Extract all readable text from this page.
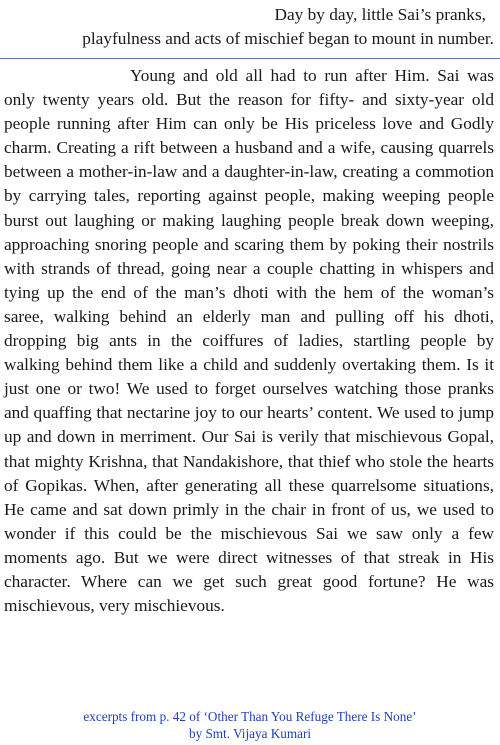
Day by day, little Sai’s pranks,
playfulness and acts of mischief began to mount in number.

Young and old all had to run after Him. Sai was only twenty years old. But the reason for fifty- and sixty-year old people running after Him can only be His priceless love and Godly charm. Creating a rift between a husband and a wife, causing quarrels between a mother-in-law and a daughter-in-law, creating a commotion by carrying tales, reporting against people, making weeping people burst out laughing or making laughing people break down weeping, approaching snoring people and scaring them by poking their nostrils with strands of thread, going near a couple chatting in whispers and tying up the end of the man’s dhoti with the hem of the woman’s saree, walking behind an elderly man and pulling off his dhoti, dropping big ants in the coiffures of ladies, startling people by walking behind them like a child and suddenly overtaking them. Is it just one or two! We used to forget ourselves watching those pranks and quaffing that nectarine joy to our hearts’ content. We used to jump up and down in merriment. Our Sai is verily that mischievous Gopal, that mighty Krishna, that Nandakishore, that thief who stole the hearts of Gopikas. When, after generating all these quarrelsome situations, He came and sat down primly in the chair in front of us, we used to wonder if this could be the mischievous Sai we saw only a few moments ago. But we were direct witnesses of that streak in His character. Where can we get such great good fortune? He was mischievous, very mischievous.

excerpts from p. 42 of ‘Other Than You Refuge There Is None’
by Smt. Vijaya Kumari
